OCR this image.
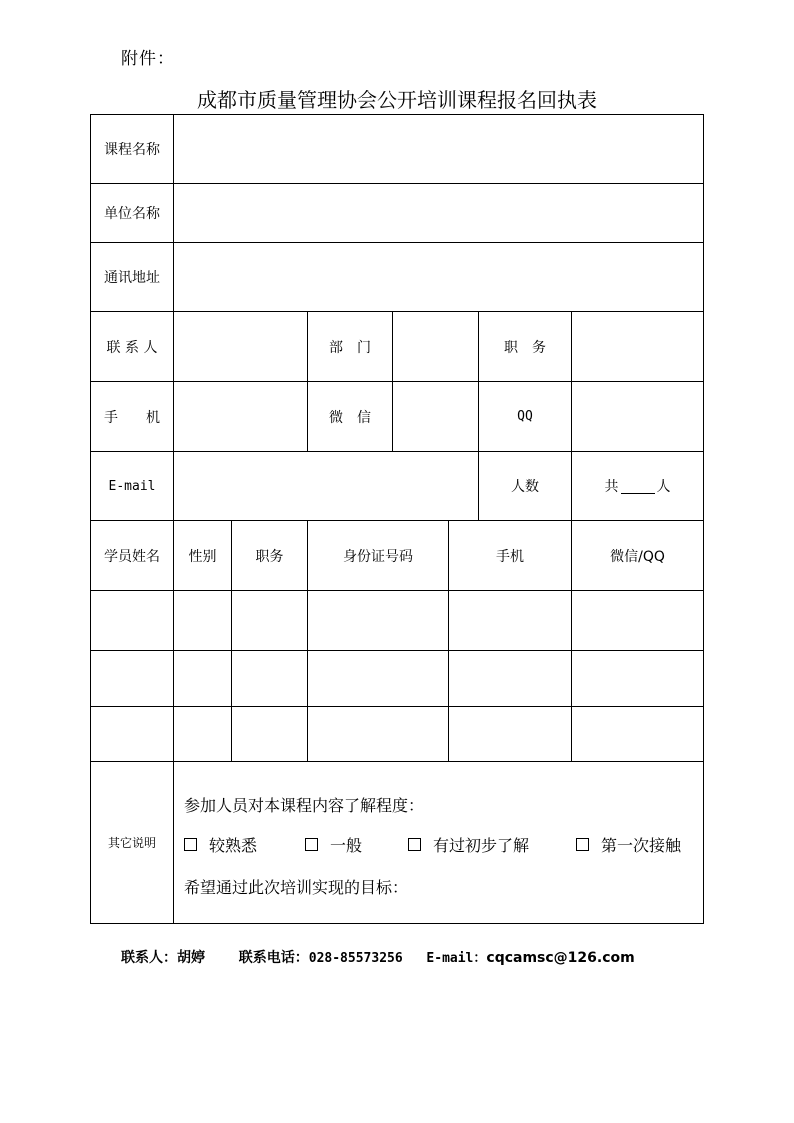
附件：
成都市质量管理协会公开培训课程报名回执表
课程名称
单位名称
通讯地址
联 系 人	部　门	职　务
手　　机	微　信	QQ
E-mail	人数	共	人
学员姓名	性别	职务	身份证号码	手机	微信/QQ
其它说明
参加人员对本课程内容了解程度：
较熟悉	一般	有过初步了解	第一次接触
希望通过此次培训实现的目标：
联系人：胡婷 联系电话：028-85573256 E-mail：cqcamsc@126.com
